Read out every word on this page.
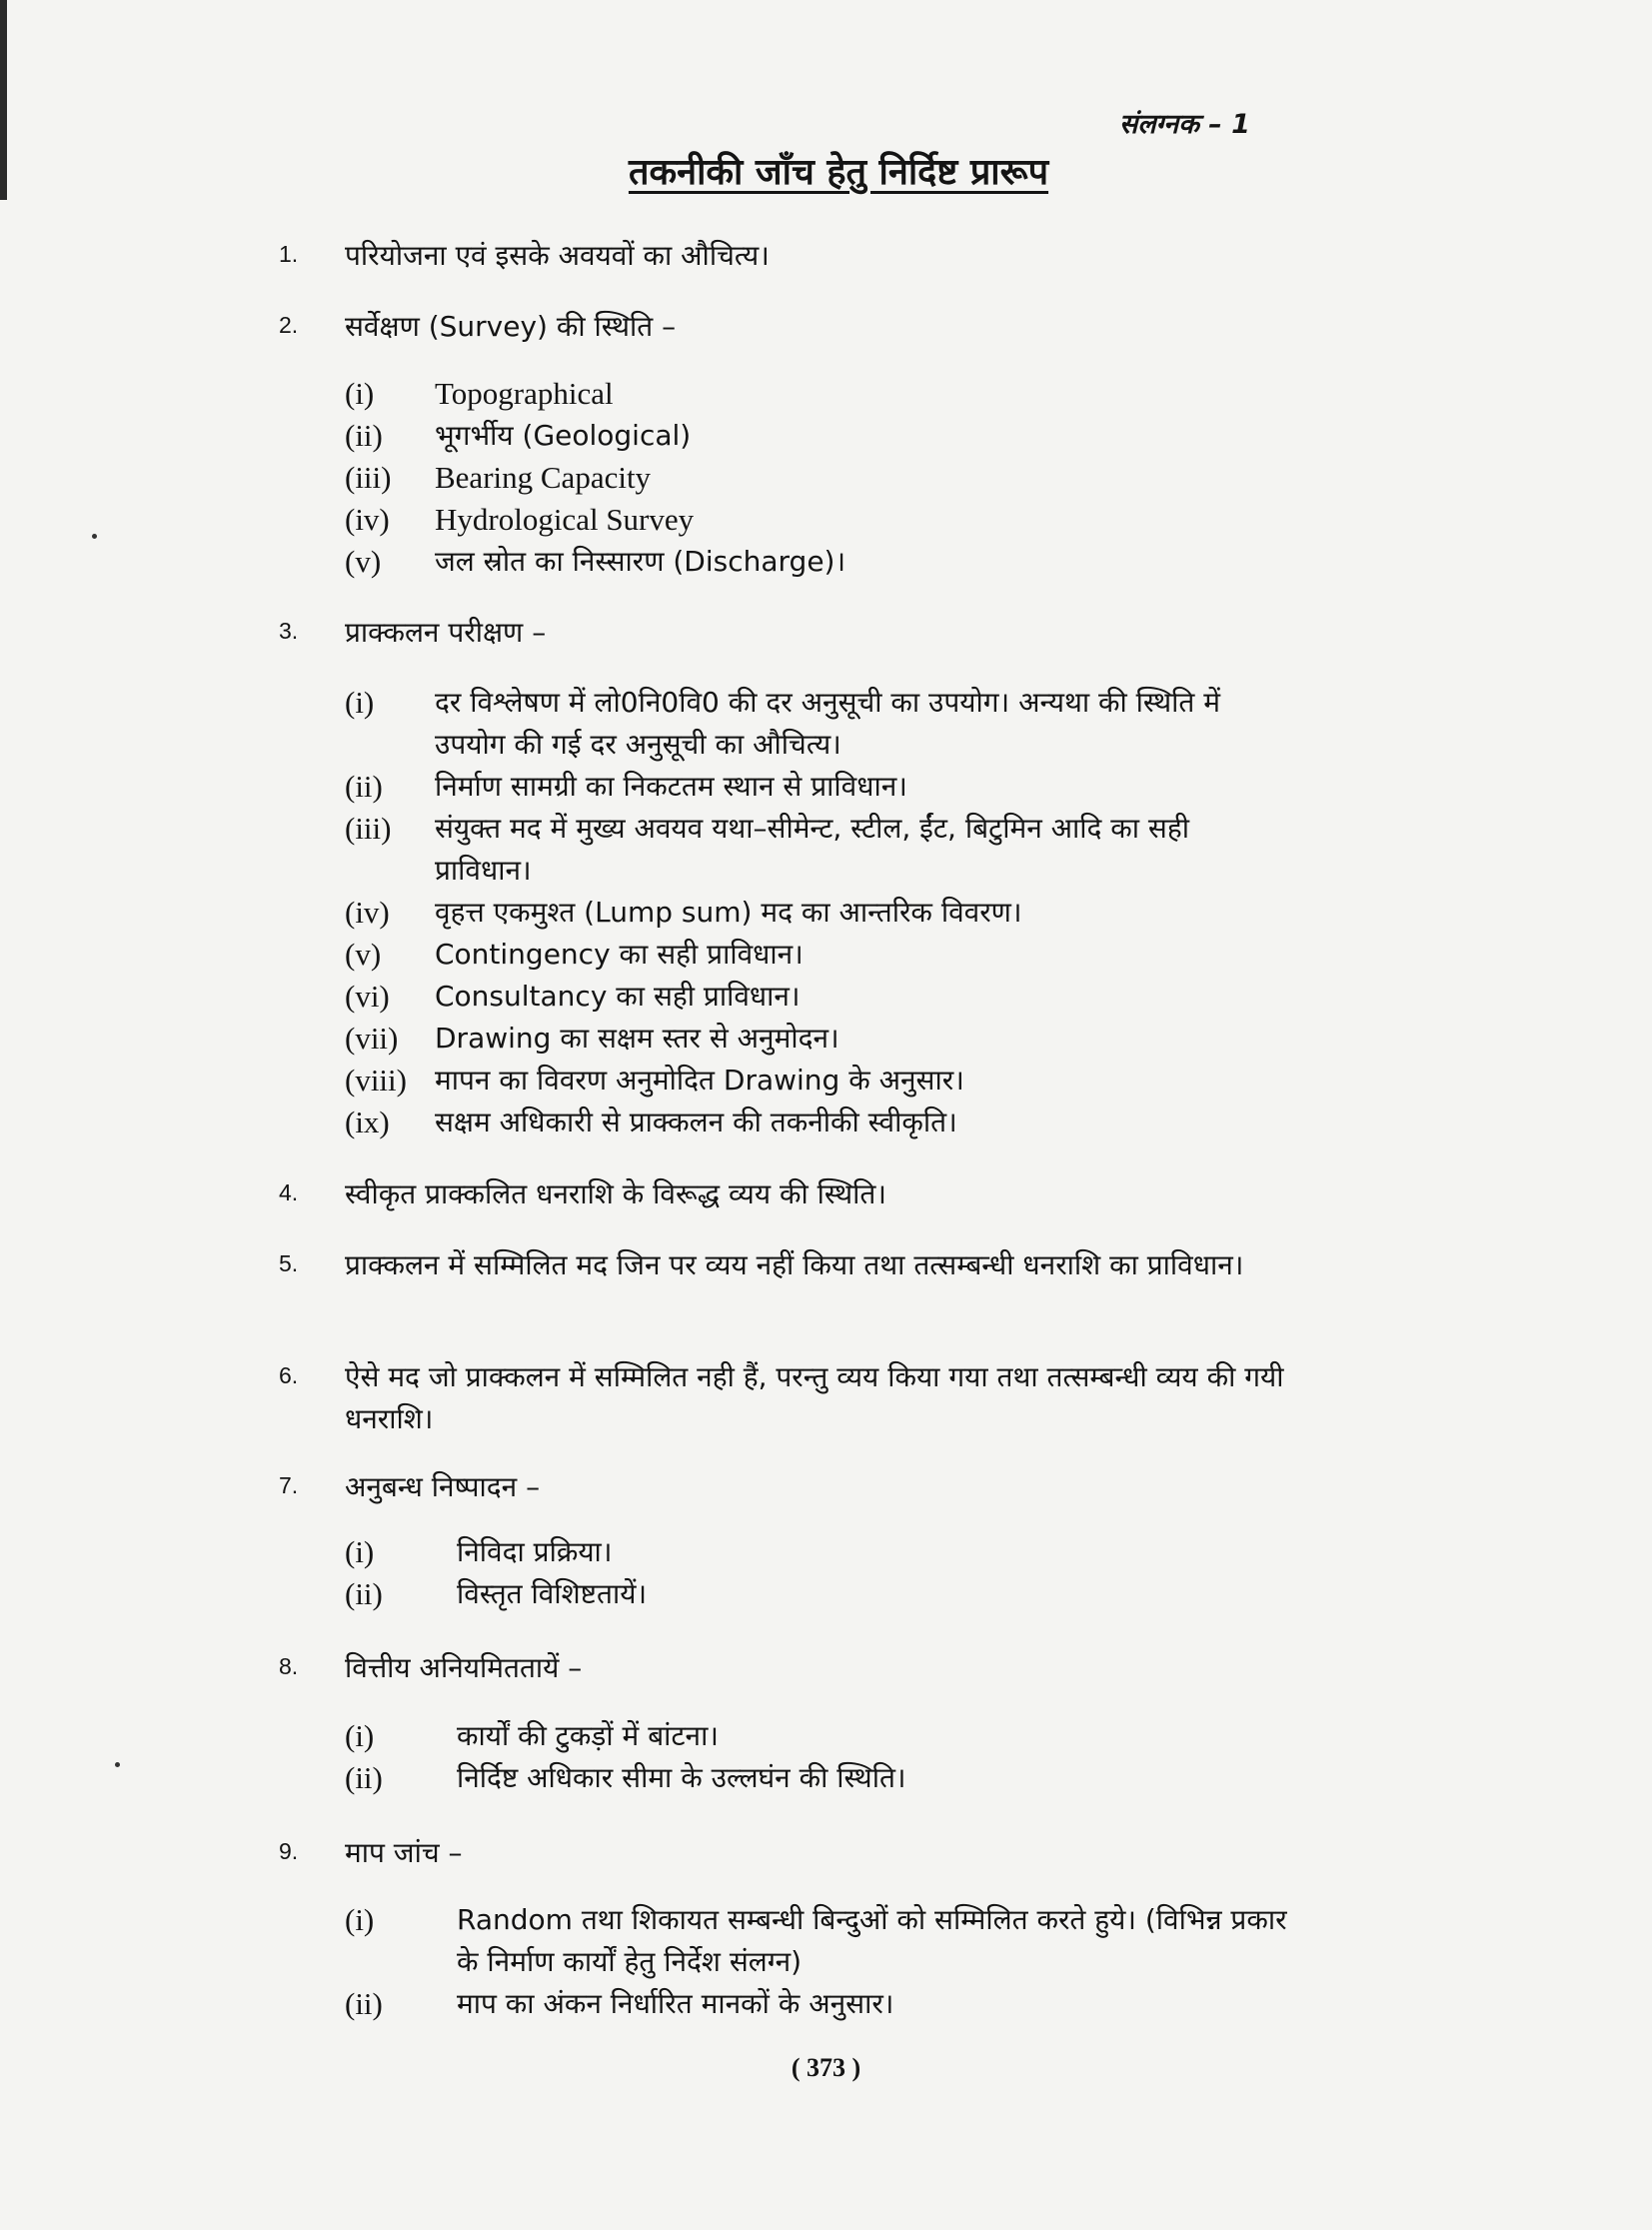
संलग्नक – 1
तकनीकी जाँच हेतु निर्दिष्ट प्रारूप
1. परियोजना एवं इसके अवयवों का औचित्य।
2. सर्वेक्षण (Survey) की स्थिति –
(i) Topographical
(ii) भूगर्भीय (Geological)
(iii) Bearing Capacity
(iv) Hydrological Survey
(v) जल स्रोत का निस्सारण (Discharge)।
3. प्राक्कलन परीक्षण –
(i) दर विश्लेषण में लो0नि0वि0 की दर अनुसूची का उपयोग। अन्यथा की स्थिति में उपयोग की गई दर अनुसूची का औचित्य।
(ii) निर्माण सामग्री का निकटतम स्थान से प्राविधान।
(iii) संयुक्त मद में मुख्य अवयव यथा–सीमेन्ट, स्टील, ईंट, बिटुमिन आदि का सही प्राविधान।
(iv) वृहत्त एकमुश्त (Lump sum) मद का आन्तरिक विवरण।
(v) Contingency का सही प्राविधान।
(vi) Consultancy का सही प्राविधान।
(vii) Drawing का सक्षम स्तर से अनुमोदन।
(viii) मापन का विवरण अनुमोदित Drawing के अनुसार।
(ix) सक्षम अधिकारी से प्राक्कलन की तकनीकी स्वीकृति।
4. स्वीकृत प्राक्कलित धनराशि के विरूद्ध व्यय की स्थिति।
5. प्राक्कलन में सम्मिलित मद जिन पर व्यय नहीं किया तथा तत्सम्बन्धी धनराशि का प्राविधान।
6. ऐसे मद जो प्राक्कलन में सम्मिलित नही हैं, परन्तु व्यय किया गया तथा तत्सम्बन्धी व्यय की गयी धनराशि।
7. अनुबन्ध निष्पादन –
(i)	निविदा प्रक्रिया।
(ii)	विस्तृत विशिष्टतायें।
8. वित्तीय अनियमिततायें –
(i)	कार्यों की टुकड़ों में बांटना।
(ii)	निर्दिष्ट अधिकार सीमा के उल्लघंन की स्थिति।
9. माप जांच –
(i)	Random तथा शिकायत सम्बन्धी बिन्दुओं को सम्मिलित करते हुये। (विभिन्न प्रकार के निर्माण कार्यों हेतु निर्देश संलग्न)
(ii)	माप का अंकन निर्धारित मानकों के अनुसार।
( 373 )
